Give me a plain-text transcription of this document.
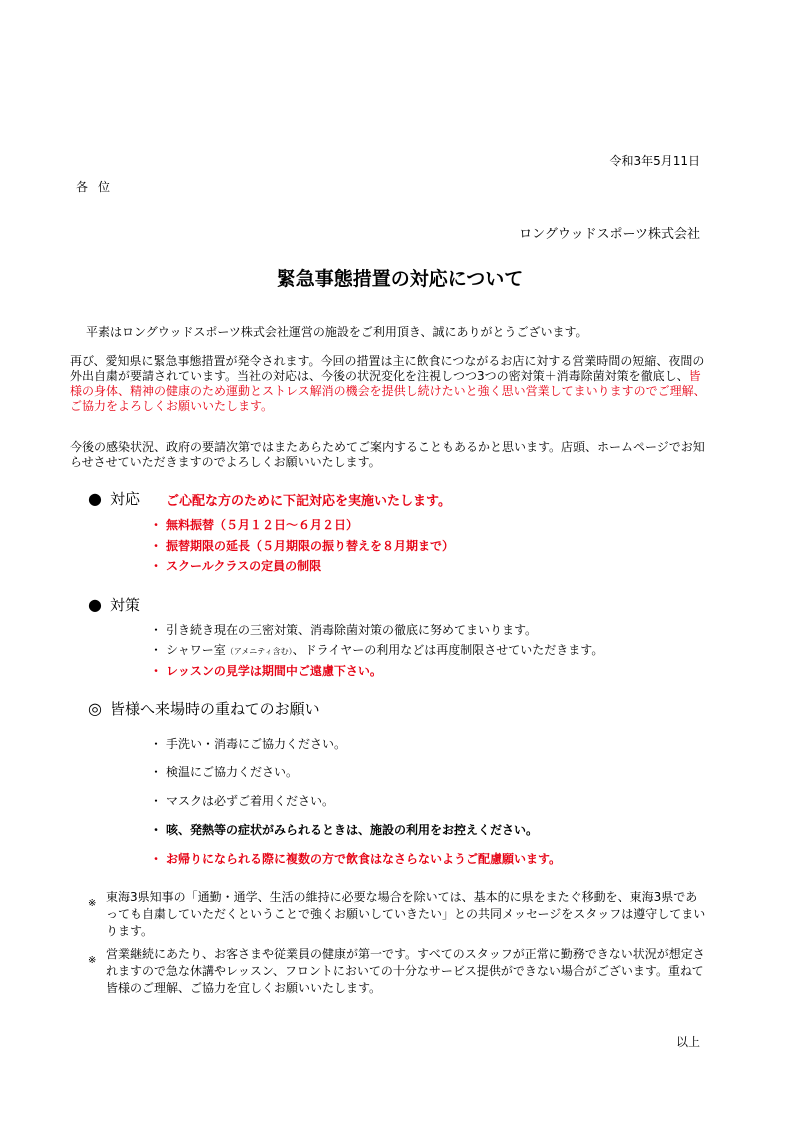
令和3年5月11日
各位
ロングウッドスポーツ株式会社
緊急事態措置の対応について
平素はロングウッドスポーツ株式会社運営の施設をご利用頂き、誠にありがとうございます。
再び、愛知県に緊急事態措置が発令されます。今回の措置は主に飲食につながるお店に対する営業時間の短縮、夜間の外出自粛が要請されています。当社の対応は、今後の状況変化を注視しつつ3つの密対策＋消毒除菌対策を徹底し、皆様の身体、精神の健康のため運動とストレス解消の機会を提供し続けたいと強く思い営業してまいりますのでご理解、ご協力をよろしくお願いいたします。
今後の感染状況、政府の要請次第ではまたあらためてご案内することもあるかと思います。店頭、ホームページでお知らせさせていただきますのでよろしくお願いいたします。
● 対応 ご心配な方のために下記対応を実施いたします。
・ 無料振替（５月１２日～６月２日）
・ 振替期限の延長（５月期限の振り替えを８月期まで）
・ スクールクラスの定員の制限
● 対策
・ 引き続き現在の三密対策、消毒除菌対策の徹底に努めてまいります。
・ シャワー室（アメニティ含む）、ドライヤーの利用などは再度制限させていただきます。
・ レッスンの見学は期間中ご遠慮下さい。
◎ 皆様へ来場時の重ねてのお願い
・ 手洗い・消毒にご協力ください。
・ 検温にご協力ください。
・ マスクは必ずご着用ください。
・ 咳、発熱等の症状がみられるときは、施設の利用をお控えください。
・ お帰りになられる際に複数の方で飲食はなさらないようご配慮願います。
※ 東海3県知事の「通勤・通学、生活の維持に必要な場合を除いては、基本的に県をまたぐ移動を、東海3県であっても自粛していただくということで強くお願いしていきたい」との共同メッセージをスタッフは遵守してまいります。
※ 営業継続にあたり、お客さまや従業員の健康が第一です。すべてのスタッフが正常に勤務できない状況が想定されますので急な休講やレッスン、フロントにおいての十分なサービス提供ができない場合がございます。重ねて皆様のご理解、ご協力を宜しくお願いいたします。
以上
